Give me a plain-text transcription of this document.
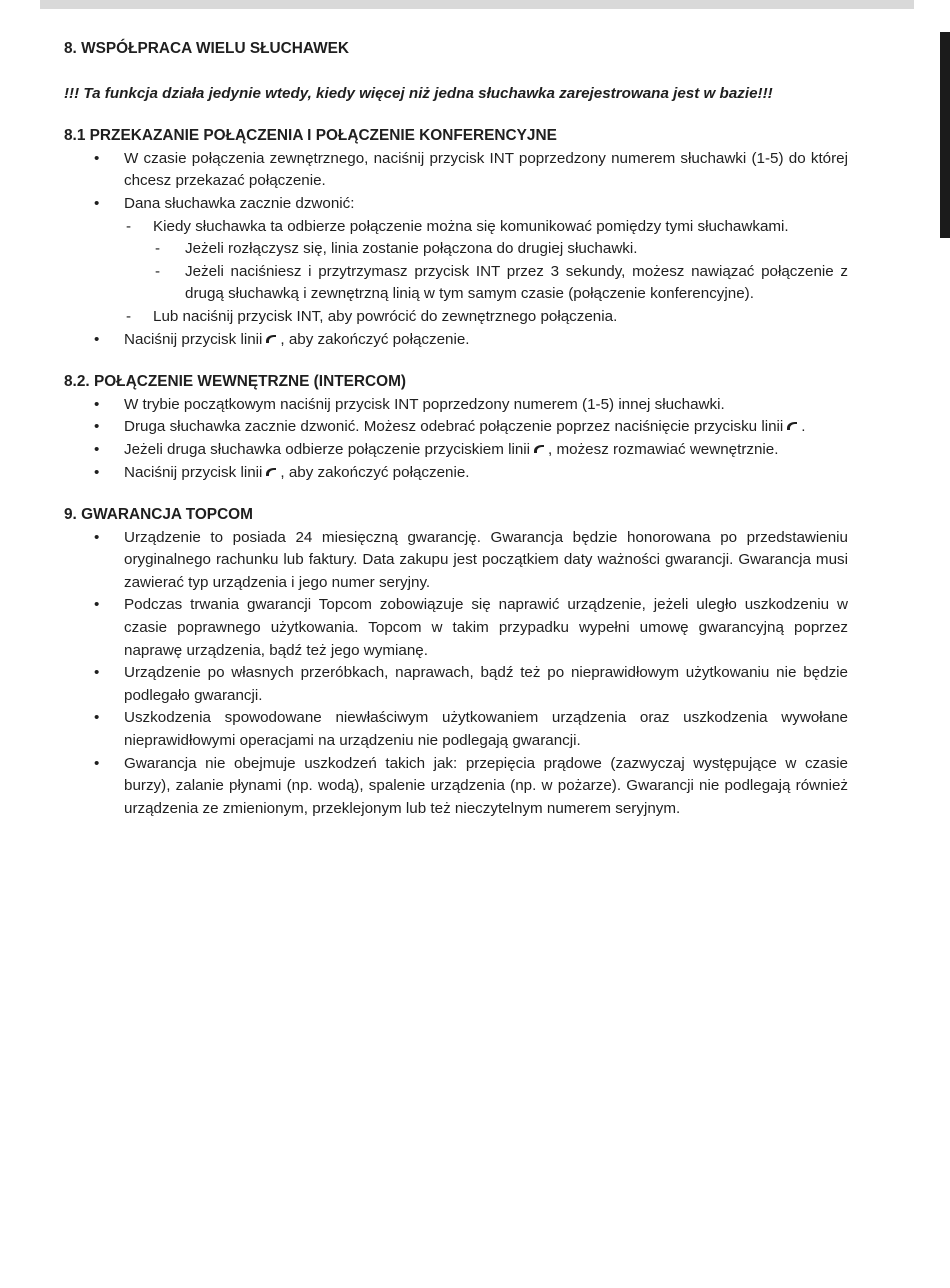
8. WSPÓŁPRACA WIELU SŁUCHAWEK

!!! Ta funkcja działa jedynie wtedy, kiedy więcej niż jedna słuchawka zarejestrowana jest w bazie!!!

8.1 PRZEKAZANIE POŁĄCZENIA I POŁĄCZENIE KONFERENCYJNE

• W czasie połączenia zewnętrznego, naciśnij przycisk INT poprzedzony numerem słuchawki (1-5) do której chcesz przekazać połączenie.
• Dana słuchawka zacznie dzwonić:
- Kiedy słuchawka ta odbierze połączenie można się komunikować pomiędzy tymi słuchawkami.
- Jeżeli rozłączysz się, linia zostanie połączona do drugiej słuchawki.
- Jeżeli naciśniesz i przytrzymasz przycisk INT przez 3 sekundy, możesz nawiązać połączenie z drugą słuchawką i zewnętrzną linią w tym samym czasie (połączenie konferencyjne).
- Lub naciśnij przycisk INT, aby powrócić do zewnętrznego połączenia.
• Naciśnij przycisk linii , aby zakończyć połączenie.

8.2. POŁĄCZENIE WEWNĘTRZNE (INTERCOM)

• W trybie początkowym naciśnij przycisk INT poprzedzony numerem (1-5) innej słuchawki.
• Druga słuchawka zacznie dzwonić. Możesz odebrać połączenie poprzez naciśnięcie przycisku linii .
• Jeżeli druga słuchawka odbierze połączenie przyciskiem linii , możesz rozmawiać wewnętrznie.
• Naciśnij przycisk linii , aby zakończyć połączenie.

9. GWARANCJA TOPCOM

• Urządzenie to posiada 24 miesięczną gwarancję. Gwarancja będzie honorowana po przedstawieniu oryginalnego rachunku lub faktury. Data zakupu jest początkiem daty ważności gwarancji. Gwarancja musi zawierać typ urządzenia i jego numer seryjny.
• Podczas trwania gwarancji Topcom zobowiązuje się naprawić urządzenie, jeżeli uległo uszkodzeniu w czasie poprawnego użytkowania. Topcom w takim przypadku wypełni umowę gwarancyjną poprzez naprawę urządzenia, bądź też jego wymianę.
• Urządzenie po własnych przeróbkach, naprawach, bądź też po nieprawidłowym użytkowaniu nie będzie podlegało gwarancji.
• Uszkodzenia spowodowane niewłaściwym użytkowaniem urządzenia oraz uszkodzenia wywołane nieprawidłowymi operacjami na urządzeniu nie podlegają gwarancji.
• Gwarancja nie obejmuje uszkodzeń takich jak: przepięcia prądowe (zazwyczaj występujące w czasie burzy), zalanie płynami (np. wodą), spalenie urządzenia (np. w pożarze). Gwarancji nie podlegają również urządzenia ze zmienionym, przeklejonym lub też nieczytelnym numerem seryjnym.
